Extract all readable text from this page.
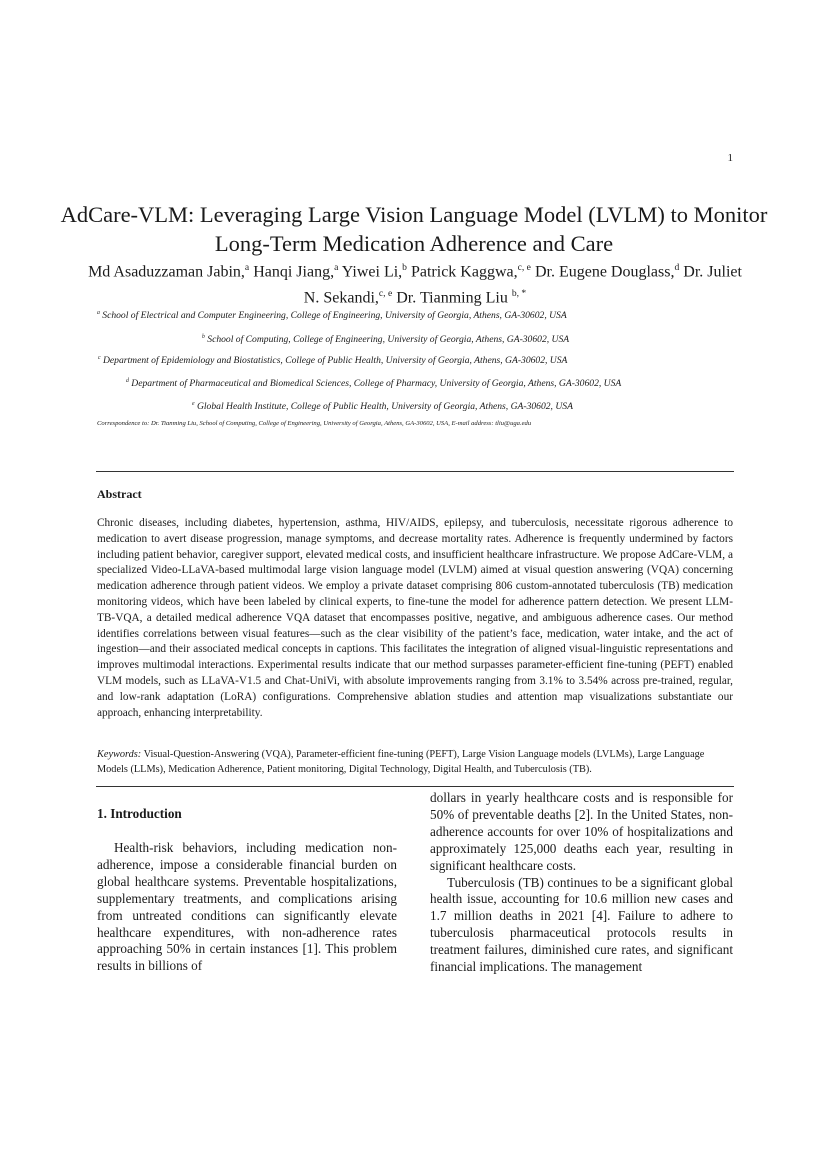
1
AdCare-VLM: Leveraging Large Vision Language Model (LVLM) to Monitor Long-Term Medication Adherence and Care
Md Asaduzzaman Jabin,$^a$ Hanqi Jiang,$^a$ Yiwei Li,$^b$ Patrick Kaggwa,$^{c, e}$ Dr. Eugene Douglass,$^d$ Dr. Juliet N. Sekandi,$^{c, e}$ Dr. Tianming Liu $^{b, *}$
$^a$ School of Electrical and Computer Engineering, College of Engineering, University of Georgia, Athens, GA-30602, USA
$^b$ School of Computing, College of Engineering, University of Georgia, Athens, GA-30602, USA
$^c$ Department of Epidemiology and Biostatistics, College of Public Health, University of Georgia, Athens, GA-30602, USA
$^d$ Department of Pharmaceutical and Biomedical Sciences, College of Pharmacy, University of Georgia, Athens, GA-30602, USA
$^e$ Global Health Institute, College of Public Health, University of Georgia, Athens, GA-30602, USA
Correspondence to: Dr. Tianming Liu, School of Computing, College of Engineering, University of Georgia, Athens, GA-30602, USA, E-mail address: tliu@uga.edu
Abstract
Chronic diseases, including diabetes, hypertension, asthma, HIV/AIDS, epilepsy, and tuberculosis, necessitate rigorous adherence to medication to avert disease progression, manage symptoms, and decrease mortality rates. Adherence is frequently undermined by factors including patient behavior, caregiver support, elevated medical costs, and insufficient healthcare infrastructure. We propose AdCare-VLM, a specialized Video-LLaVA-based multimodal large vision language model (LVLM) aimed at visual question answering (VQA) concerning medication adherence through patient videos. We employ a private dataset comprising 806 custom-annotated tuberculosis (TB) medication monitoring videos, which have been labeled by clinical experts, to fine-tune the model for adherence pattern detection. We present LLM-TB-VQA, a detailed medical adherence VQA dataset that encompasses positive, negative, and ambiguous adherence cases. Our method identifies correlations between visual features—such as the clear visibility of the patient’s face, medication, water intake, and the act of ingestion—and their associated medical concepts in captions. This facilitates the integration of aligned visual-linguistic representations and improves multimodal interactions. Experimental results indicate that our method surpasses parameter-efficient fine-tuning (PEFT) enabled VLM models, such as LLaVA-V1.5 and Chat-UniVi, with absolute improvements ranging from 3.1% to 3.54% across pre-trained, regular, and low-rank adaptation (LoRA) configurations. Comprehensive ablation studies and attention map visualizations substantiate our approach, enhancing interpretability.
Keywords: Visual-Question-Answering (VQA), Parameter-efficient fine-tuning (PEFT), Large Vision Language models (LVLMs), Large Language Models (LLMs), Medication Adherence, Patient monitoring, Digital Technology, Digital Health, and Tuberculosis (TB).
1. Introduction
Health-risk behaviors, including medication non-adherence, impose a considerable financial burden on global healthcare systems. Preventable hospitalizations, supplementary treatments, and complications arising from untreated conditions can significantly elevate healthcare expenditures, with non-adherence rates approaching 50% in certain instances [1]. This problem results in billions of

dollars in yearly healthcare costs and is responsible for 50% of preventable deaths [2]. In the United States, non-adherence accounts for over 10% of hospitalizations and approximately 125,000 deaths each year, resulting in significant healthcare costs.

Tuberculosis (TB) continues to be a significant global health issue, accounting for 10.6 million new cases and 1.7 million deaths in 2021 [4]. Failure to adhere to tuberculosis pharmaceutical protocols results in treatment failures, diminished cure rates, and significant financial implications. The management
